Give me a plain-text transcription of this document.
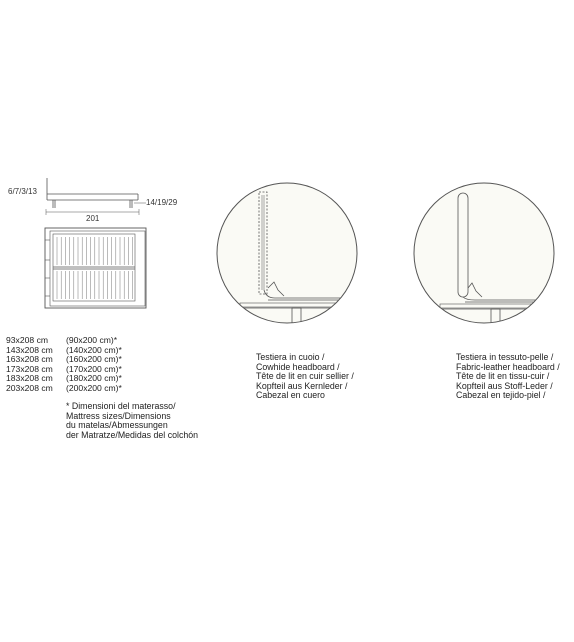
6/7/3/13
14/19/29
201
93x208 cm	(90x200 cm)*
143x208 cm	(140x200 cm)*
163x208 cm	(160x200 cm)*
173x208 cm	(170x200 cm)*
183x208 cm	(180x200 cm)*
203x208 cm	(200x200 cm)*
* Dimensioni del materasso/
Mattress sizes/Dimensions
du matelas/Abmessungen
der Matratze/Medidas del colchón
Testiera in cuoio /
Cowhide headboard /
Tête de lit en cuir sellier /
Kopfteil aus Kernleder /
Cabezal en cuero
Testiera in tessuto-pelle /
Fabric-leather headboard /
Tête de lit en tissu-cuir /
Kopfteil aus Stoff-Leder /
Cabezal en tejido-piel /
